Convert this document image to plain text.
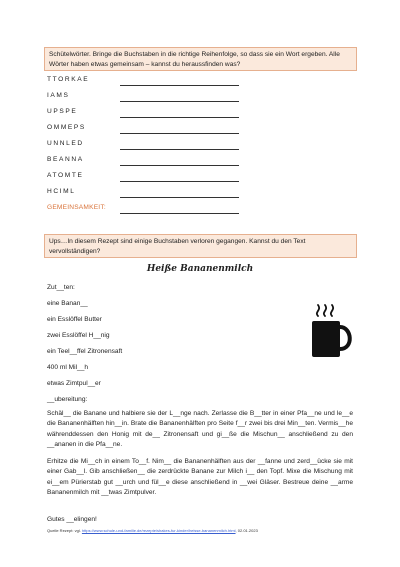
Schütelwörter. Bringe die Buchstaben in die richtige Reihenfolge, so dass sie ein Wort ergeben. Alle Wörter haben etwas gemeinsam – kannst du heraussfinden was?
TTORKAE
IAMS
UPSPE
OMMEPS
UNNLED
BEANNA
ATOMTE
HCIML
GEMEINSAMKEIT:
Ups…In diesem Rezept sind einige Buchstaben verloren gegangen. Kannst du den Text vervollständigen?
Heiße Bananenmilch
Zut__ten:
eine Banan__
ein Esslöffel Butter
zwei Esslöffel H__nig
ein Teel__ffel Zitronensaft
400 ml Mil__h
etwas Zimtpul__er
__ubereitung:
Schäl__ die Banane und halbiere sie der L__nge nach. Zerlasse die B__tter in einer Pfa__ne und le__e die Bananenhälften hin__in. Brate die Bananenhälften pro Seite f__r zwei bis drei Min__ten. Vermis__he währenddessen den Honig mit de__ Zitronensaft und gi__ße die Mischun__ anschließend zu den __ananen in die Pfa__ne.
Erhitze die Mi__ch in einem To__f. Nim__ die Bananenhälften aus der __fanne und zerd__ücke sie mit einer Gab__l. Gib anschließen__ die zerdrückte Banane zur Milch i__ den Topf. Mixe die Mischung mit ei__em Pürierstab gut __urch und fül__e diese anschließend in __wei Gläser. Bestreue deine __arme Bananenmilch mit __twas Zimtpulver.
Gutes __elingen!
Quelle Rezept: vgl. https://www.schule-und-familie.de/rezepte/shakes-fur-kinder/heisse-bananenmilch.html, 02.01.2023
